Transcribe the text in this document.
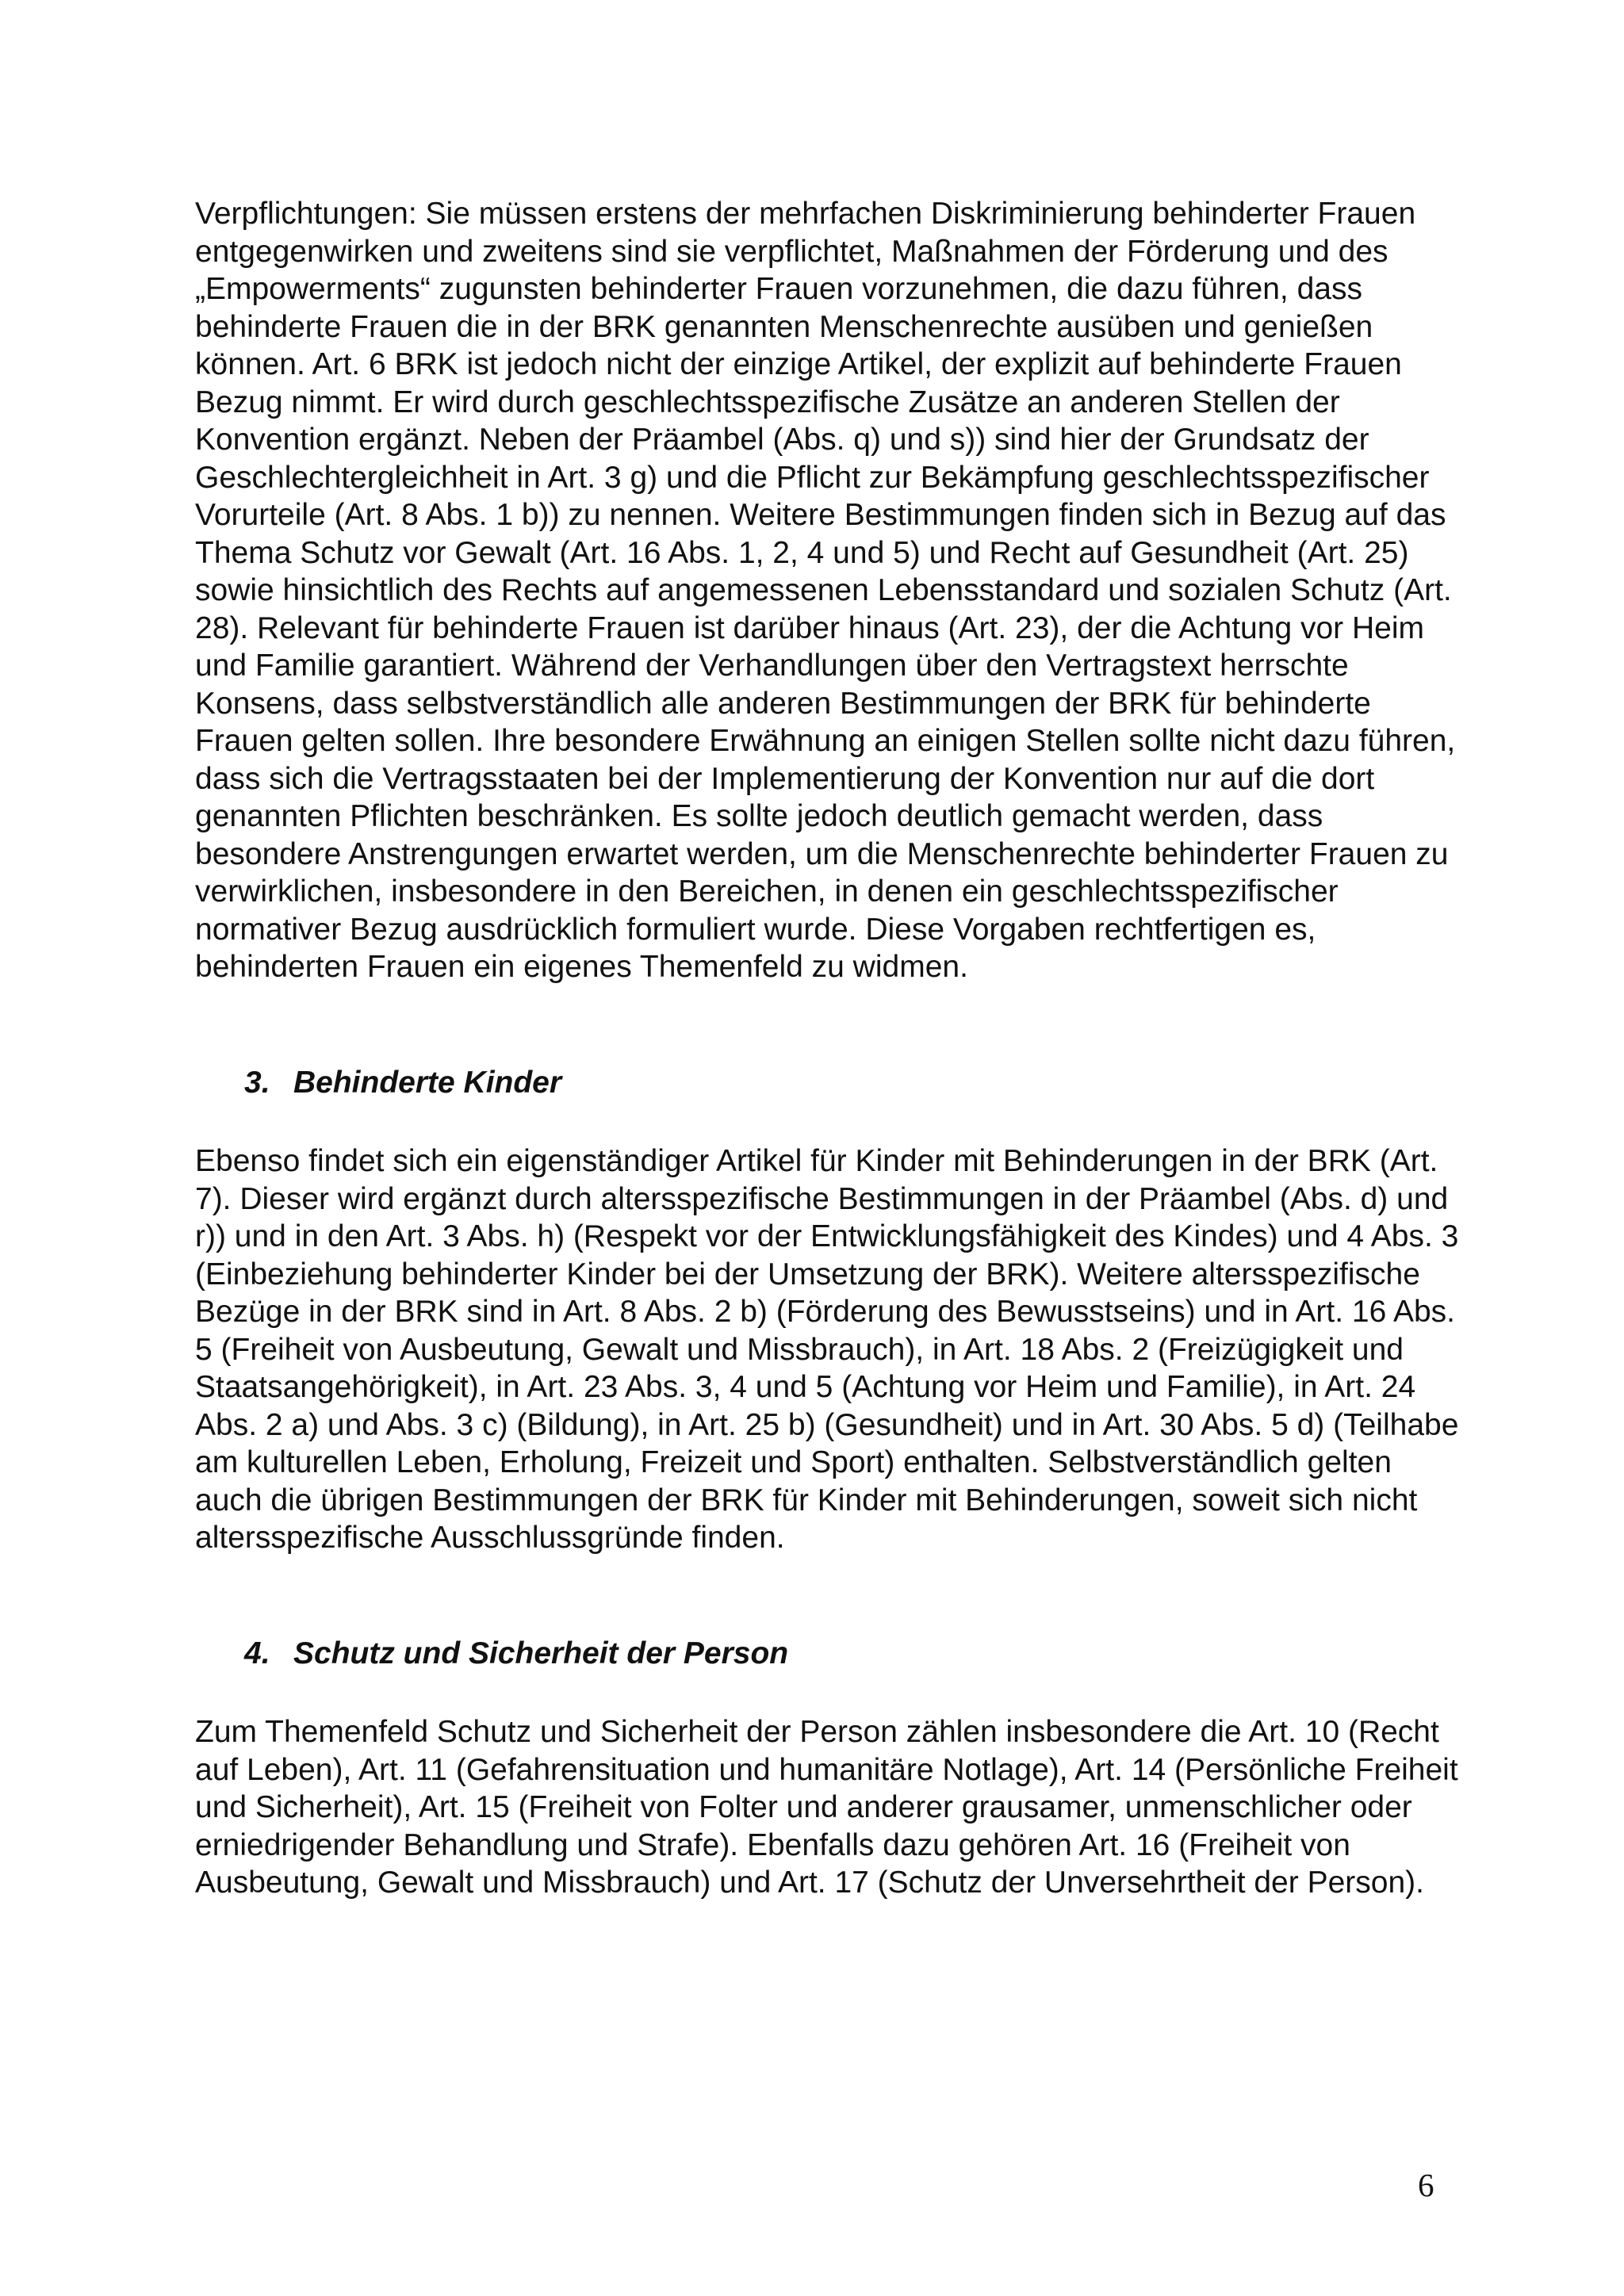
Verpflichtungen: Sie müssen erstens der mehrfachen Diskriminierung behinderter Frauen entgegenwirken und zweitens sind sie verpflichtet, Maßnahmen der Förderung und des „Empowerments“ zugunsten behinderter Frauen vorzunehmen, die dazu führen, dass behinderte Frauen die in der BRK genannten Menschenrechte ausüben und genießen können. Art. 6 BRK ist jedoch nicht der einzige Artikel, der explizit auf behinderte Frauen Bezug nimmt. Er wird durch geschlechtsspezifische Zusätze an anderen Stellen der Konvention ergänzt. Neben der Präambel (Abs. q) und s)) sind hier der Grundsatz der Geschlechtergleichheit in Art. 3 g) und die Pflicht zur Bekämpfung geschlechtsspezifischer Vorurteile (Art. 8 Abs. 1 b)) zu nennen. Weitere Bestimmungen finden sich in Bezug auf das Thema Schutz vor Gewalt (Art. 16 Abs. 1, 2, 4 und 5) und Recht auf Gesundheit (Art. 25) sowie hinsichtlich des Rechts auf angemessenen Lebensstandard und sozialen Schutz (Art. 28). Relevant für behinderte Frauen ist darüber hinaus (Art. 23), der die Achtung vor Heim und Familie garantiert. Während der Verhandlungen über den Vertragstext herrschte Konsens, dass selbstverständlich alle anderen Bestimmungen der BRK für behinderte Frauen gelten sollen. Ihre besondere Erwähnung an einigen Stellen sollte nicht dazu führen, dass sich die Vertragsstaaten bei der Implementierung der Konvention nur auf die dort genannten Pflichten beschränken. Es sollte jedoch deutlich gemacht werden, dass besondere Anstrengungen erwartet werden, um die Menschenrechte behinderter Frauen zu verwirklichen, insbesondere in den Bereichen, in denen ein geschlechtsspezifischer normativer Bezug ausdrücklich formuliert wurde. Diese Vorgaben rechtfertigen es, behinderten Frauen ein eigenes Themenfeld zu widmen.

3. Behinderte Kinder

Ebenso findet sich ein eigenständiger Artikel für Kinder mit Behinderungen in der BRK (Art. 7). Dieser wird ergänzt durch altersspezifische Bestimmungen in der Präambel (Abs. d) und r)) und in den Art. 3 Abs. h) (Respekt vor der Entwicklungsfähigkeit des Kindes) und 4 Abs. 3 (Einbeziehung behinderter Kinder bei der Umsetzung der BRK). Weitere altersspezifische Bezüge in der BRK sind in Art. 8 Abs. 2 b) (Förderung des Bewusstseins) und in Art. 16 Abs. 5 (Freiheit von Ausbeutung, Gewalt und Missbrauch), in Art. 18 Abs. 2 (Freizügigkeit und Staatsangehörigkeit), in Art. 23 Abs. 3, 4 und 5 (Achtung vor Heim und Familie), in Art. 24 Abs. 2 a) und Abs. 3 c) (Bildung), in Art. 25 b) (Gesundheit) und in Art. 30 Abs. 5 d) (Teilhabe am kulturellen Leben, Erholung, Freizeit und Sport) enthalten. Selbstverständlich gelten auch die übrigen Bestimmungen der BRK für Kinder mit Behinderungen, soweit sich nicht altersspezifische Ausschlussgründe finden.

4. Schutz und Sicherheit der Person

Zum Themenfeld Schutz und Sicherheit der Person zählen insbesondere die Art. 10 (Recht auf Leben), Art. 11 (Gefahrensituation und humanitäre Notlage), Art. 14 (Persönliche Freiheit und Sicherheit), Art. 15 (Freiheit von Folter und anderer grausamer, unmenschlicher oder erniedrigender Behandlung und Strafe). Ebenfalls dazu gehören Art. 16 (Freiheit von Ausbeutung, Gewalt und Missbrauch) und Art. 17 (Schutz der Unversehrtheit der Person).

6
